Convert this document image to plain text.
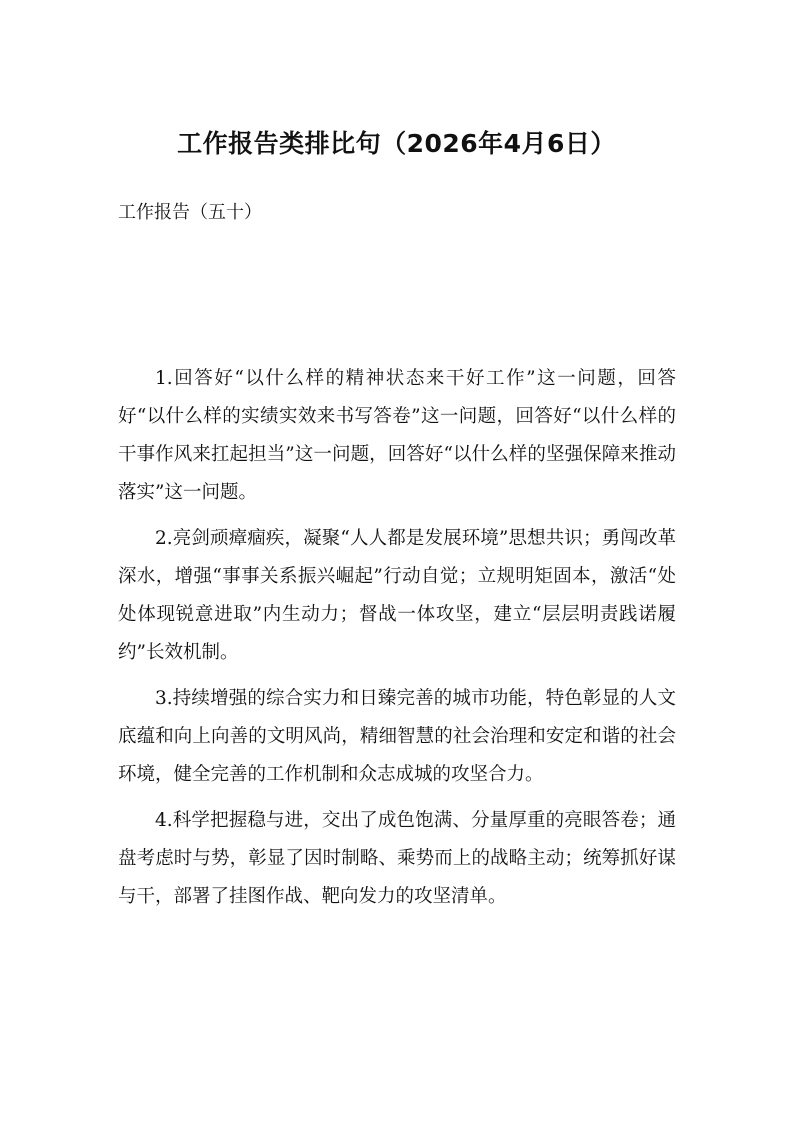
工作报告类排比句（2026年4月6日）

工作报告（五十）

1.回答好“以什么样的精神状态来干好工作”这一问题，回答好“以什么样的实绩实效来书写答卷”这一问题，回答好“以什么样的干事作风来扛起担当”这一问题，回答好“以什么样的坚强保障来推动落实”这一问题。

2.亮剑顽瘴痼疾，凝聚“人人都是发展环境”思想共识；勇闯改革深水，增强“事事关系振兴崛起”行动自觉；立规明矩固本，激活“处处体现锐意进取”内生动力；督战一体攻坚，建立“层层明责践诺履约”长效机制。

3.持续增强的综合实力和日臻完善的城市功能，特色彰显的人文底蕴和向上向善的文明风尚，精细智慧的社会治理和安定和谐的社会环境，健全完善的工作机制和众志成城的攻坚合力。

4.科学把握稳与进，交出了成色饱满、分量厚重的亮眼答卷；通盘考虑时与势，彰显了因时制略、乘势而上的战略主动；统筹抓好谋与干，部署了挂图作战、靶向发力的攻坚清单。
